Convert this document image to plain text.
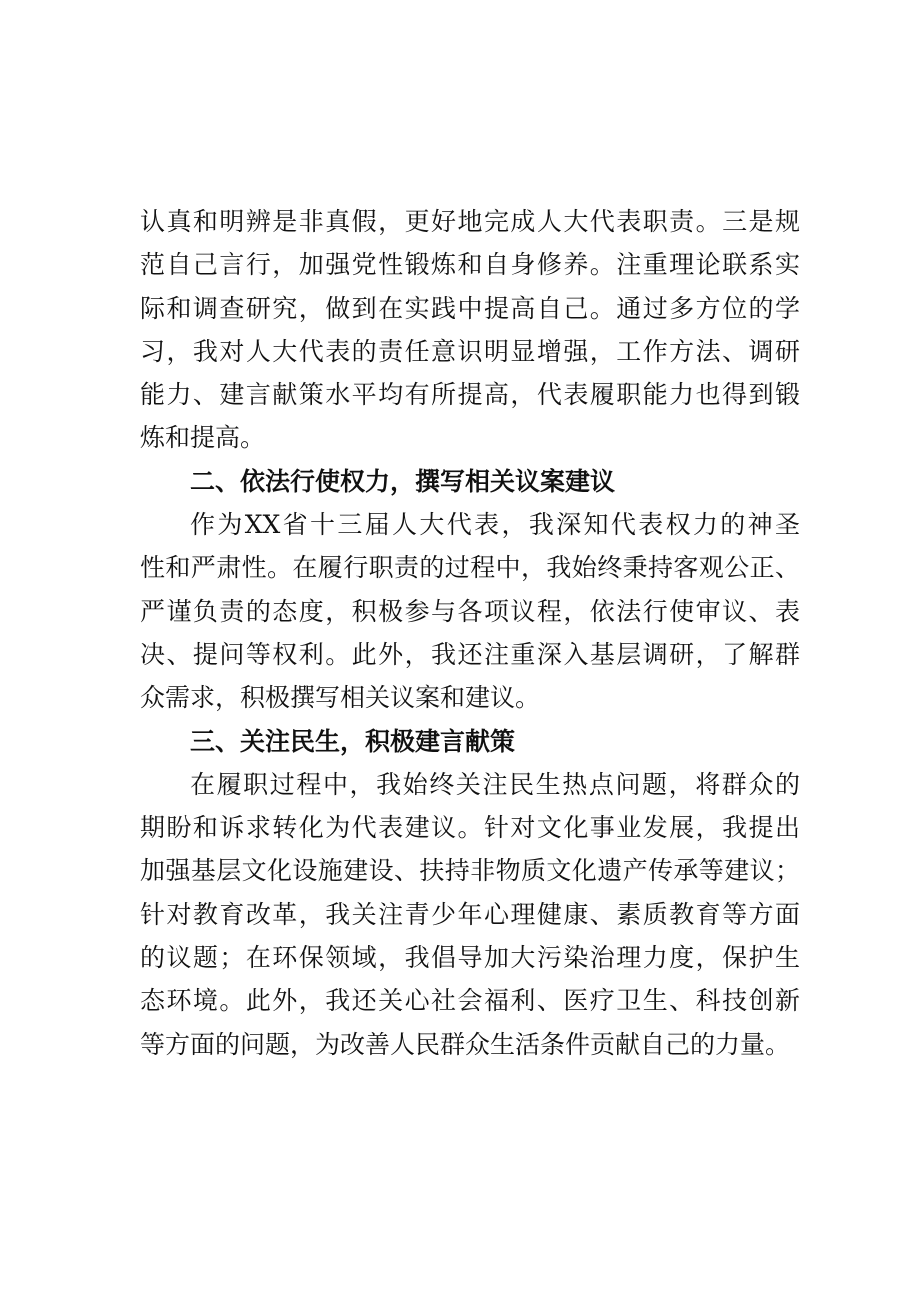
认真和明辨是非真假，更好地完成人大代表职责。三是规
范自己言行，加强党性锻炼和自身修养。注重理论联系实
际和调查研究，做到在实践中提高自己。通过多方位的学
习，我对人大代表的责任意识明显增强，工作方法、调研
能力、建言献策水平均有所提高，代表履职能力也得到锻
炼和提高。
二、依法行使权力，撰写相关议案建议
作为XX省十三届人大代表，我深知代表权力的神圣
性和严肃性。在履行职责的过程中，我始终秉持客观公正、
严谨负责的态度，积极参与各项议程，依法行使审议、表
决、提问等权利。此外，我还注重深入基层调研，了解群
众需求，积极撰写相关议案和建议。
三、关注民生，积极建言献策
在履职过程中，我始终关注民生热点问题，将群众的
期盼和诉求转化为代表建议。针对文化事业发展，我提出
加强基层文化设施建设、扶持非物质文化遗产传承等建议；
针对教育改革，我关注青少年心理健康、素质教育等方面
的议题；在环保领域，我倡导加大污染治理力度，保护生
态环境。此外，我还关心社会福利、医疗卫生、科技创新
等方面的问题，为改善人民群众生活条件贡献自己的力量。
